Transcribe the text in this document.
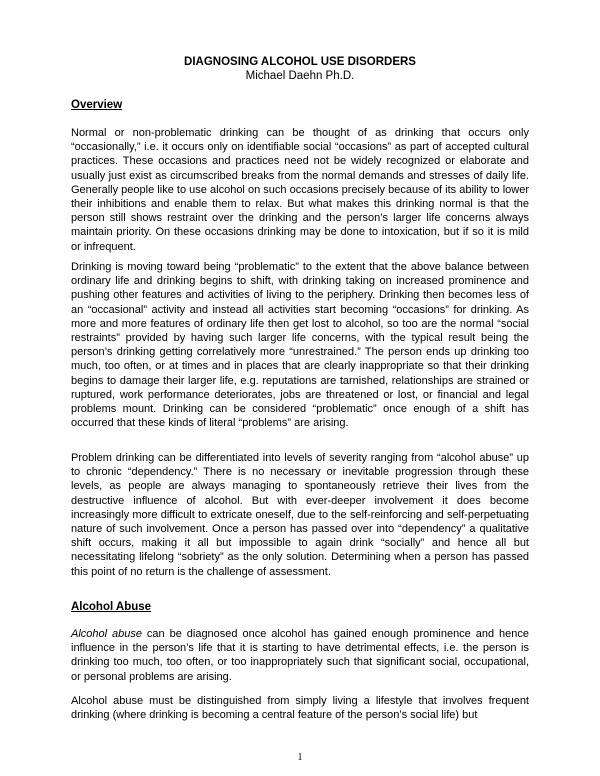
DIAGNOSING ALCOHOL USE DISORDERS
Michael Daehn Ph.D.
Overview

Normal or non-problematic drinking can be thought of as drinking that occurs only “occasionally,” i.e. it occurs only on identifiable social “occasions” as part of accepted cultural practices. These occasions and practices need not be widely recognized or elaborate and usually just exist as circumscribed breaks from the normal demands and stresses of daily life. Generally people like to use alcohol on such occasions precisely because of its ability to lower their inhibitions and enable them to relax. But what makes this drinking normal is that the person still shows restraint over the drinking and the person’s larger life concerns always maintain priority. On these occasions drinking may be done to intoxication, but if so it is mild or infrequent.

Drinking is moving toward being “problematic” to the extent that the above balance between ordinary life and drinking begins to shift, with drinking taking on increased prominence and pushing other features and activities of living to the periphery. Drinking then becomes less of an “occasional” activity and instead all activities start becoming “occasions” for drinking. As more and more features of ordinary life then get lost to alcohol, so too are the normal “social restraints” provided by having such larger life concerns, with the typical result being the person’s drinking getting correlatively more “unrestrained.” The person ends up drinking too much, too often, or at times and in places that are clearly inappropriate so that their drinking begins to damage their larger life, e.g. reputations are tarnished, relationships are strained or ruptured, work performance deteriorates, jobs are threatened or lost, or financial and legal problems mount. Drinking can be considered “problematic” once enough of a shift has occurred that these kinds of literal “problems” are arising.

Problem drinking can be differentiated into levels of severity ranging from “alcohol abuse” up to chronic “dependency.” There is no necessary or inevitable progression through these levels, as people are always managing to spontaneously retrieve their lives from the destructive influence of alcohol. But with ever-deeper involvement it does become increasingly more difficult to extricate oneself, due to the self-reinforcing and self-perpetuating nature of such involvement. Once a person has passed over into “dependency” a qualitative shift occurs, making it all but impossible to again drink “socially” and hence all but necessitating lifelong “sobriety” as the only solution. Determining when a person has passed this point of no return is the challenge of assessment.

Alcohol Abuse

Alcohol abuse can be diagnosed once alcohol has gained enough prominence and hence influence in the person’s life that it is starting to have detrimental effects, i.e. the person is drinking too much, too often, or too inappropriately such that significant social, occupational, or personal problems are arising.

Alcohol abuse must be distinguished from simply living a lifestyle that involves frequent drinking (where drinking is becoming a central feature of the person’s social life) but

1
